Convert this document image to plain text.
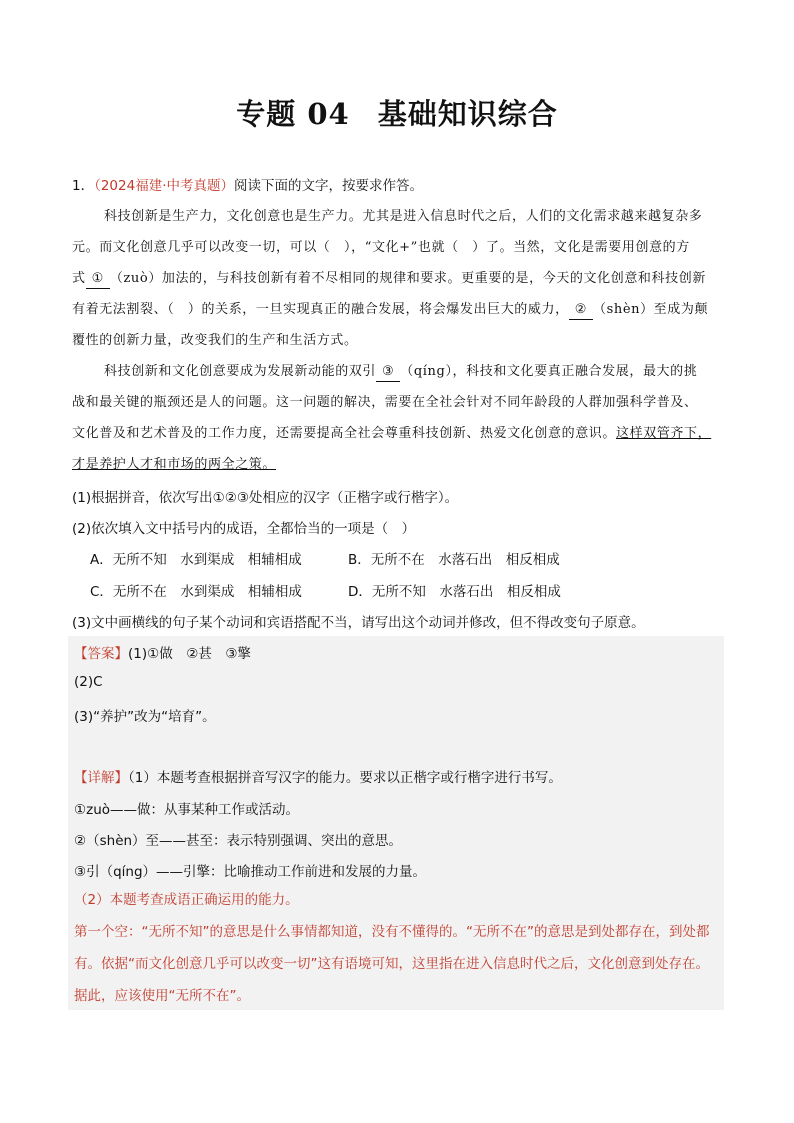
专题 04 基础知识综合
1．（2024福建·中考真题）阅读下面的文字，按要求作答。
科技创新是生产力，文化创意也是生产力。尤其是进入信息时代之后，人们的文化需求越来越复杂多
元。而文化创意几乎可以改变一切，可以（　），“文化+”也就（　）了。当然，文化是需要用创意的方
式 ① （zuò）加法的，与科技创新有着不尽相同的规律和要求。更重要的是，今天的文化创意和科技创新
有着无法割裂、（　）的关系，一旦实现真正的融合发展，将会爆发出巨大的威力， ② （shèn）至成为颠
覆性的创新力量，改变我们的生产和生活方式。
科技创新和文化创意要成为发展新动能的双引 ③ （qíng），科技和文化要真正融合发展，最大的挑
战和最关键的瓶颈还是人的问题。这一问题的解决，需要在全社会针对不同年龄段的人群加强科学普及、
文化普及和艺术普及的工作力度，还需要提高全社会尊重科技创新、热爱文化创意的意识。这样双管齐下，
才是养护人才和市场的两全之策。
(1)根据拼音，依次写出①②③处相应的汉字（正楷字或行楷字）。
(2)依次填入文中括号内的成语，全都恰当的一项是（　）
A．无所不知　水到渠成　相辅相成	B．无所不在　水落石出　相反相成
C．无所不在　水到渠成　相辅相成	D．无所不知　水落石出　相反相成
(3)文中画横线的句子某个动词和宾语搭配不当，请写出这个动词并修改，但不得改变句子原意。
【答案】(1)①做　②甚　③擎
(2)C
(3)“养护”改为“培育”。
【详解】（1）本题考查根据拼音写汉字的能力。要求以正楷字或行楷字进行书写。
①zuò——做：从事某种工作或活动。
②（shèn）至——甚至：表示特别强调、突出的意思。
③引（qíng）——引擎：比喻推动工作前进和发展的力量。
（2）本题考查成语正确运用的能力。
第一个空：“无所不知”的意思是什么事情都知道，没有不懂得的。“无所不在”的意思是到处都存在，到处都
有。依据“而文化创意几乎可以改变一切”这有语境可知，这里指在进入信息时代之后，文化创意到处存在。
据此，应该使用“无所不在”。
